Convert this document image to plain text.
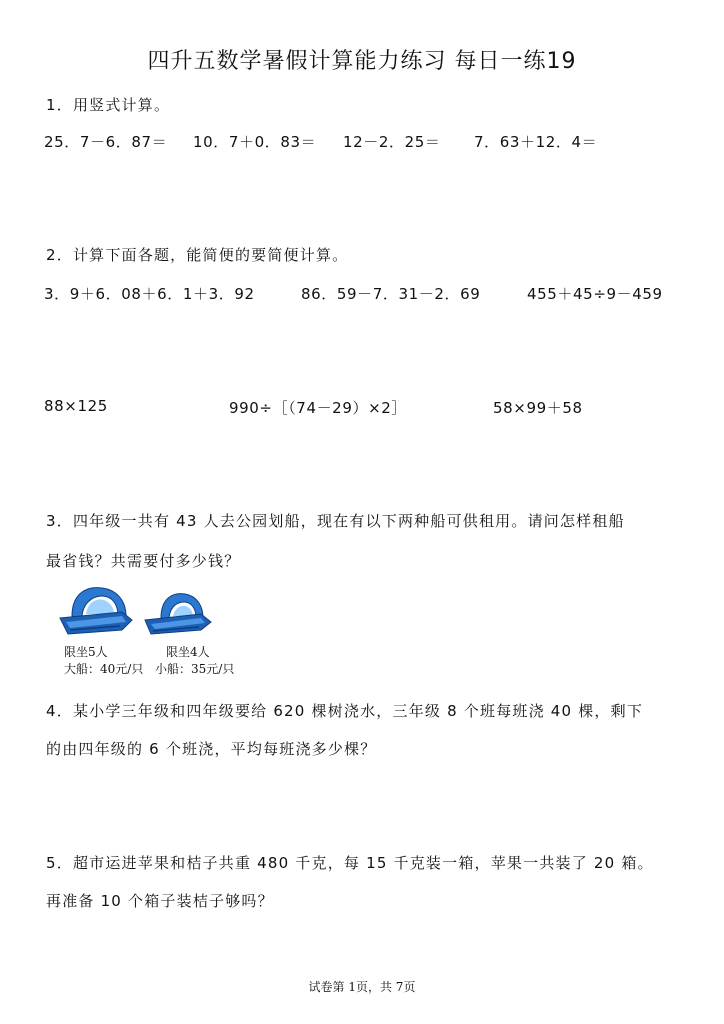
四升五数学暑假计算能力练习 每日一练19
1．用竖式计算。
25．7－6．87＝ 10．7＋0．83＝ 12－2．25＝ 7．63＋12．4＝
2．计算下面各题，能简便的要简便计算。
3．9＋6．08＋6．1＋3．92	86．59－7．31－2．69	455＋45÷9－459
88×125	990÷［（74－29）×2］	58×99＋58
3．四年级一共有 43 人去公园划船，现在有以下两种船可供租用。请问怎样租船
最省钱？共需要付多少钱？
限坐5人	限坐4人
大船：40元/只 小船：35元/只
4．某小学三年级和四年级要给 620 棵树浇水，三年级 8 个班每班浇 40 棵，剩下
的由四年级的 6 个班浇，平均每班浇多少棵？
5．超市运进苹果和桔子共重 480 千克，每 15 千克装一箱，苹果一共装了 20 箱。
再准备 10 个箱子装桔子够吗？
试卷第 1页，共 7页
